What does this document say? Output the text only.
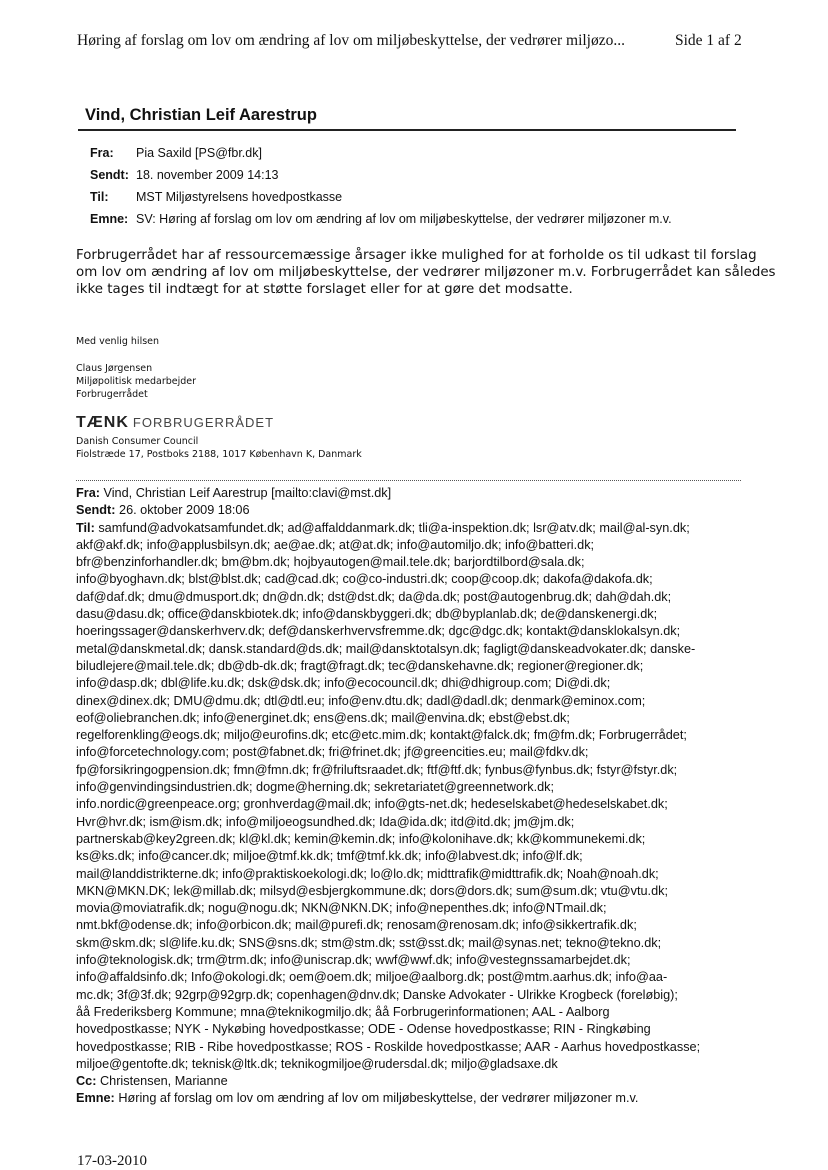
Høring af forslag om lov om ændring af lov om miljøbeskyttelse, der vedrører miljøzo...	Side 1 af 2
Vind, Christian Leif Aarestrup
Fra: Pia Saxild [PS@fbr.dk]
Sendt: 18. november 2009 14:13
Til: MST Miljøstyrelsens hovedpostkasse
Emne: SV: Høring af forslag om lov om ændring af lov om miljøbeskyttelse, der vedrører miljøzoner m.v.
Forbrugerrådet har af ressourcemæssige årsager ikke mulighed for at forholde os til udkast til forslag om lov om ændring af lov om miljøbeskyttelse, der vedrører miljøzoner m.v. Forbrugerrådet kan således ikke tages til indtægt for at støtte forslaget eller for at gøre det modsatte.
Med venlig hilsen
Claus Jørgensen
Miljøpolitisk medarbejder
Forbrugerrådet
TÆNK FORBRUGERRÅDET
Danish Consumer Council
Fiolstræde 17, Postboks 2188, 1017 København K, Danmark
Fra: Vind, Christian Leif Aarestrup [mailto:clavi@mst.dk]
Sendt: 26. oktober 2009 18:06
Til: samfund@advokatsamfundet.dk; ad@affalddanmark.dk; tli@a-inspektion.dk; lsr@atv.dk; mail@al-syn.dk;
akf@akf.dk; info@applusbilsyn.dk; ae@ae.dk; at@at.dk; info@automiljo.dk; info@batteri.dk;
bfr@benzinforhandler.dk; bm@bm.dk; hojbyautogen@mail.tele.dk; barjordtilbord@sala.dk;
info@byoghavn.dk; blst@blst.dk; cad@cad.dk; co@co-industri.dk; coop@coop.dk; dakofa@dakofa.dk;
daf@daf.dk; dmu@dmusport.dk; dn@dn.dk; dst@dst.dk; da@da.dk; post@autogenbrug.dk; dah@dah.dk;
dasu@dasu.dk; office@danskbiotek.dk; info@danskbyggeri.dk; db@byplanlab.dk; de@danskenergi.dk;
hoeringssager@danskerhverv.dk; def@danskerhvervsfremme.dk; dgc@dgc.dk; kontakt@dansklokalsyn.dk;
metal@danskmetal.dk; dansk.standard@ds.dk; mail@dansktotalsyn.dk; fagligt@danskeadvokater.dk; danske-
biludlejere@mail.tele.dk; db@db-dk.dk; fragt@fragt.dk; tec@danskehavne.dk; regioner@regioner.dk;
info@dasp.dk; dbl@life.ku.dk; dsk@dsk.dk; info@ecocouncil.dk; dhi@dhigroup.com; Di@di.dk;
dinex@dinex.dk; DMU@dmu.dk; dtl@dtl.eu; info@env.dtu.dk; dadl@dadl.dk; denmark@eminox.com;
eof@oliebranchen.dk; info@energinet.dk; ens@ens.dk; mail@envina.dk; ebst@ebst.dk;
regelforenkling@eogs.dk; miljo@eurofins.dk; etc@etc.mim.dk; kontakt@falck.dk; fm@fm.dk; Forbrugerrådet;
info@forcetechnology.com; post@fabnet.dk; fri@frinet.dk; jf@greencities.eu; mail@fdkv.dk;
fp@forsikringogpension.dk; fmn@fmn.dk; fr@friluftsraadet.dk; ftf@ftf.dk; fynbus@fynbus.dk; fstyr@fstyr.dk;
info@genvindingsindustrien.dk; dogme@herning.dk; sekretariatet@greennetwork.dk;
info.nordic@greenpeace.org; gronhverdag@mail.dk; info@gts-net.dk; hedeselskabet@hedeselskabet.dk;
Hvr@hvr.dk; ism@ism.dk; info@miljoeogsundhed.dk; Ida@ida.dk; itd@itd.dk; jm@jm.dk;
partnerskab@key2green.dk; kl@kl.dk; kemin@kemin.dk; info@kolonihave.dk; kk@kommunekemi.dk;
ks@ks.dk; info@cancer.dk; miljoe@tmf.kk.dk; tmf@tmf.kk.dk; info@labvest.dk; info@lf.dk;
mail@landdistrikterne.dk; info@praktiskoekologi.dk; lo@lo.dk; midttrafik@midttrafik.dk; Noah@noah.dk;
MKN@MKN.DK; lek@millab.dk; milsyd@esbjergkommune.dk; dors@dors.dk; sum@sum.dk; vtu@vtu.dk;
movia@moviatrafik.dk; nogu@nogu.dk; NKN@NKN.DK; info@nepenthes.dk; info@NTmail.dk;
nmt.bkf@odense.dk; info@orbicon.dk; mail@purefi.dk; renosam@renosam.dk; info@sikkertrafik.dk;
skm@skm.dk; sl@life.ku.dk; SNS@sns.dk; stm@stm.dk; sst@sst.dk; mail@synas.net; tekno@tekno.dk;
info@teknologisk.dk; trm@trm.dk; info@uniscrap.dk; wwf@wwf.dk; info@vestegnssamarbejdet.dk;
info@affaldsinfo.dk; Info@okologi.dk; oem@oem.dk; miljoe@aalborg.dk; post@mtm.aarhus.dk; info@aa-
mc.dk; 3f@3f.dk; 92grp@92grp.dk; copenhagen@dnv.dk; Danske Advokater - Ulrikke Krogbeck (foreløbig);
åå Frederiksberg Kommune; mna@teknikogmiljo.dk; åå Forbrugerinformationen; AAL - Aalborg
hovedpostkasse; NYK - Nykøbing hovedpostkasse; ODE - Odense hovedpostkasse; RIN - Ringkøbing
hovedpostkasse; RIB - Ribe hovedpostkasse; ROS - Roskilde hovedpostkasse; AAR - Aarhus hovedpostkasse;
miljoe@gentofte.dk; teknisk@ltk.dk; teknikogmiljoe@rudersdal.dk; miljo@gladsaxe.dk
Cc: Christensen, Marianne
Emne: Høring af forslag om lov om ændring af lov om miljøbeskyttelse, der vedrører miljøzoner m.v.
17-03-2010
